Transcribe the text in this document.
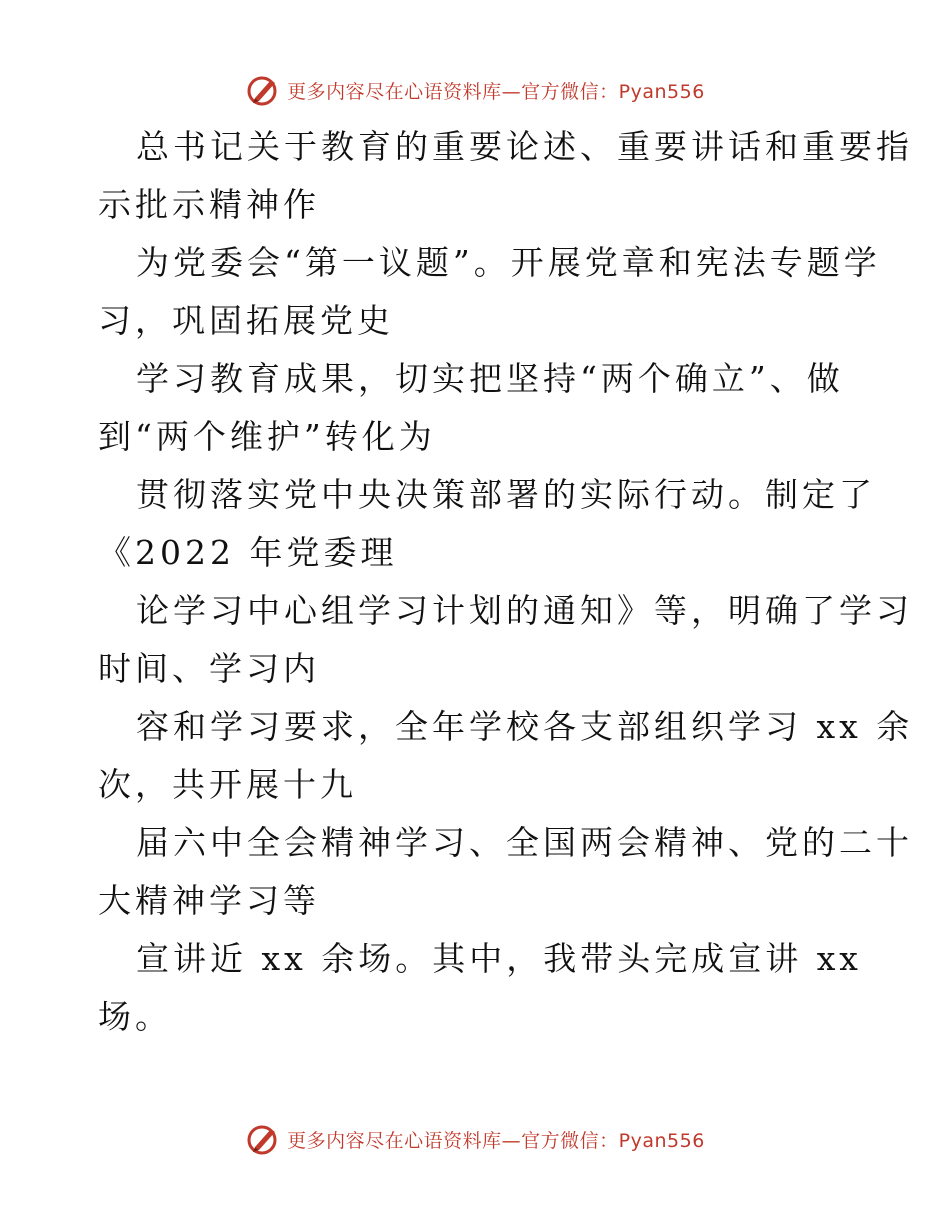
更多内容尽在心语资料库—官方微信：Pyan556
总书记关于教育的重要论述、重要讲话和重要指
示批示精神作
为党委会“第一议题”。开展党章和宪法专题学
习，巩固拓展党史
学习教育成果，切实把坚持“两个确立”、做
到“两个维护”转化为
贯彻落实党中央决策部署的实际行动。制定了
《2022 年党委理
论学习中心组学习计划的通知》等，明确了学习
时间、学习内
容和学习要求，全年学校各支部组织学习 xx 余
次，共开展十九
届六中全会精神学习、全国两会精神、党的二十
大精神学习等
宣讲近 xx 余场。其中，我带头完成宣讲 xx
场。
更多内容尽在心语资料库—官方微信：Pyan556
